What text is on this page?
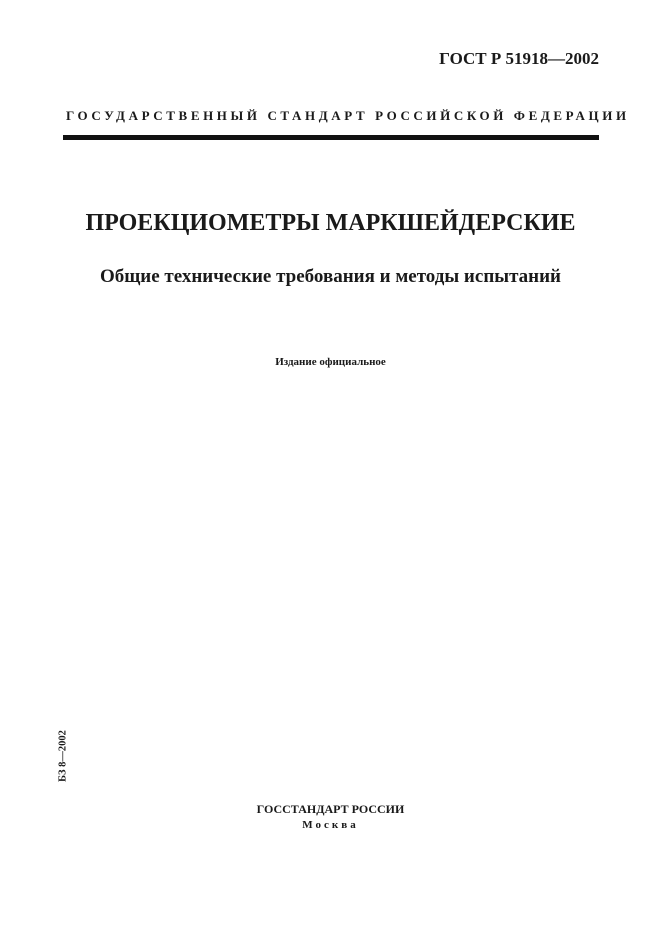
ГОСТ Р 51918—2002
ГОСУДАРСТВЕННЫЙ СТАНДАРТ РОССИЙСКОЙ ФЕДЕРАЦИИ
ПРОЕКЦИОМЕТРЫ МАРКШЕЙДЕРСКИЕ
Общие технические требования и методы испытаний
Издание официальное
БЗ 8—2002
ГОССТАНДАРТ РОССИИ
Москва
